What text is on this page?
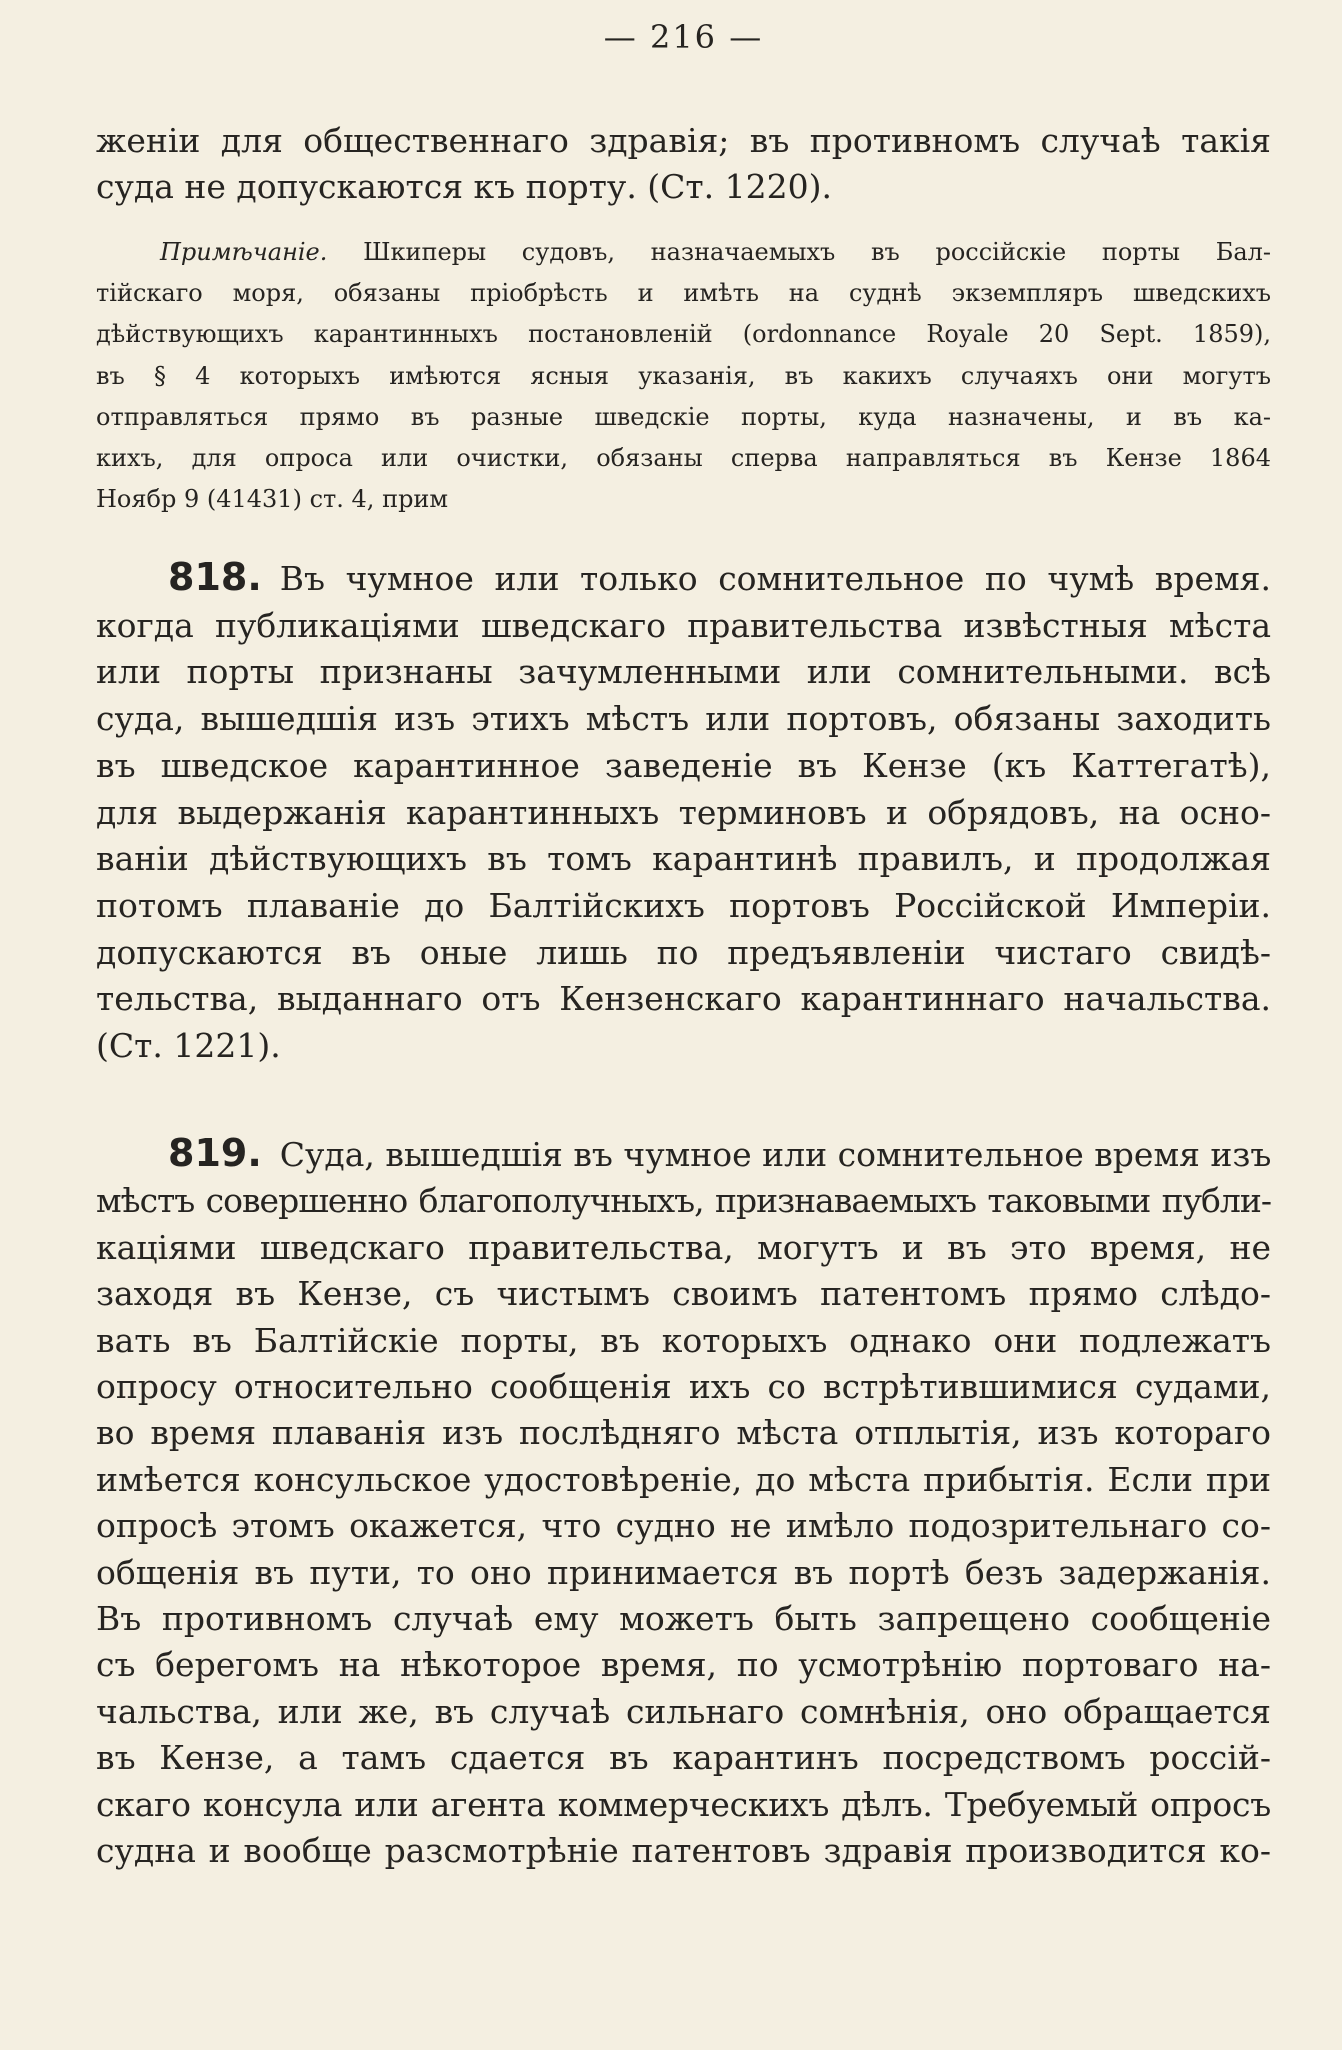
— 216 —
женіи для общественнаго здравія; въ противномъ случаѣ такія
суда не допускаются къ порту. (Ст. 1220).
Примѣчаніе. Шкиперы судовъ, назначаемыхъ въ россійскіе порты Бал-
тійскаго моря, обязаны пріобрѣсть и имѣть на суднѣ экземпляръ шведскихъ
дѣйствующихъ карантинныхъ постановленій (ordonnance Royale 20 Sept. 1859),
въ § 4 которыхъ имѣются ясныя указанія, въ какихъ случаяхъ они могутъ
отправляться прямо въ разные шведскіе порты, куда назначены, и въ ка-
кихъ, для опроса или очистки, обязаны сперва направляться въ Кензе 1864
Ноябр 9 (41431) ст. 4, прим
818. Въ чумное или только сомнительное по чумѣ время.
когда публикаціями шведскаго правительства извѣстныя мѣста
или порты признаны зачумленными или сомнительными. всѣ
суда, вышедшія изъ этихъ мѣстъ или портовъ, обязаны заходить
въ шведское карантинное заведеніе въ Кензе (къ Каттегатѣ),
для выдержанія карантинныхъ терминовъ и обрядовъ, на осно-
ваніи дѣйствующихъ въ томъ карантинѣ правилъ, и продолжая
потомъ плаваніе до Балтійскихъ портовъ Россійской Имперіи.
допускаются въ оные лишь по предъявленіи чистаго свидѣ-
тельства, выданнаго отъ Кензенскаго карантиннаго начальства.
(Ст. 1221).
819. Суда, вышедшія въ чумное или сомнительное время изъ
мѣстъ совершенно благополучныхъ, признаваемыхъ таковыми публи-
каціями шведскаго правительства, могутъ и въ это время, не
заходя въ Кензе, съ чистымъ своимъ патентомъ прямо слѣдо-
вать въ Балтійскіе порты, въ которыхъ однако они подлежатъ
опросу относительно сообщенія ихъ со встрѣтившимися судами,
во время плаванія изъ послѣдняго мѣста отплытія, изъ котораго
имѣется консульское удостовѣреніе, до мѣста прибытія. Если при
опросѣ этомъ окажется, что судно не имѣло подозрительнаго со-
общенія въ пути, то оно принимается въ портѣ безъ задержанія.
Въ противномъ случаѣ ему можетъ быть запрещено сообщеніе
съ берегомъ на нѣкоторое время, по усмотрѣнію портоваго на-
чальства, или же, въ случаѣ сильнаго сомнѣнія, оно обращается
въ Кензе, а тамъ сдается въ карантинъ посредствомъ россій-
скаго консула или агента коммерческихъ дѣлъ. Требуемый опросъ
судна и вообще разсмотрѣніе патентовъ здравія производится ко-
